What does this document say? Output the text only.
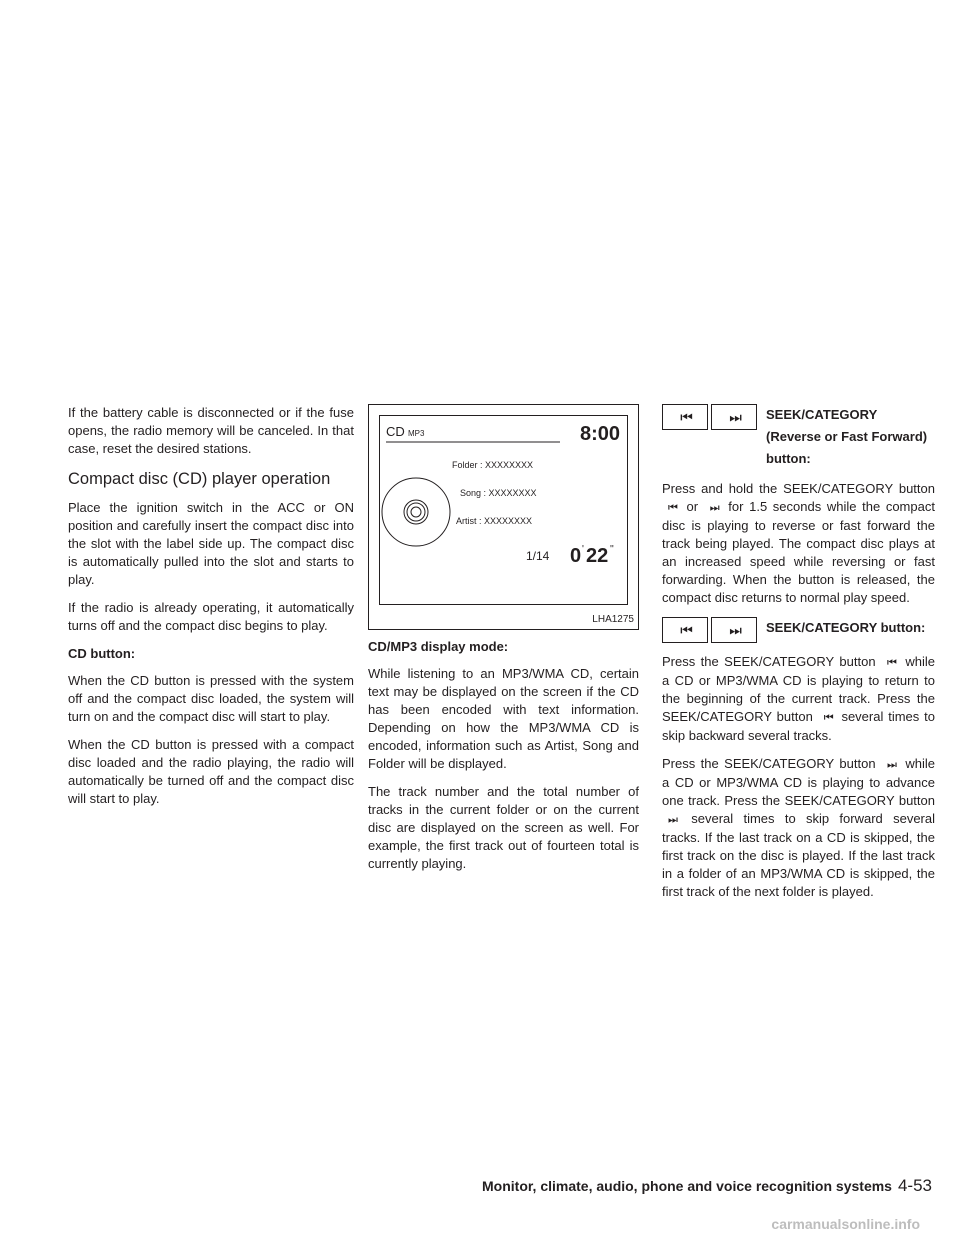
If the battery cable is disconnected or if the fuse opens, the radio memory will be canceled. In that case, reset the desired stations.

Compact disc (CD) player operation

Place the ignition switch in the ACC or ON position and carefully insert the compact disc into the slot with the label side up. The compact disc is automatically pulled into the slot and starts to play.

If the radio is already operating, it automatically turns off and the compact disc begins to play.

CD button:

When the CD button is pressed with the system off and the compact disc loaded, the system will turn on and the compact disc will start to play.

When the CD button is pressed with a compact disc loaded and the radio playing, the radio will automatically be turned off and the compact disc will start to play.

CD MP3	8:00
Folder : XXXXXXXX
Song : XXXXXXXX
Artist : XXXXXXXX
1/14 0 ' 22 ''
LHA1275

CD/MP3 display mode:

While listening to an MP3/WMA CD, certain text may be displayed on the screen if the CD has been encoded with text information. Depending on how the MP3/WMA CD is encoded, information such as Artist, Song and Folder will be displayed.

The track number and the total number of tracks in the current folder or on the current disc are displayed on the screen as well. For example, the first track out of fourteen total is currently playing.

⏮	⏭	SEEK/CATEGORY (Reverse or Fast Forward) button:

Press and hold the SEEK/CATEGORY button ⏮ or ⏭ for 1.5 seconds while the compact disc is playing to reverse or fast forward the track being played. The compact disc plays at an increased speed while reversing or fast forwarding. When the button is released, the compact disc returns to normal play speed.

⏮	⏭	SEEK/CATEGORY button:

Press the SEEK/CATEGORY button ⏮ while a CD or MP3/WMA CD is playing to return to the beginning of the current track. Press the SEEK/CATEGORY button ⏮ several times to skip backward several tracks.

Press the SEEK/CATEGORY button ⏭ while a CD or MP3/WMA CD is playing to advance one track. Press the SEEK/CATEGORY button ⏭ several times to skip forward several tracks. If the last track on a CD is skipped, the first track on the disc is played. If the last track in a folder of an MP3/WMA CD is skipped, the first track of the next folder is played.

Monitor, climate, audio, phone and voice recognition systems 4-53
carmanualsonline.info
